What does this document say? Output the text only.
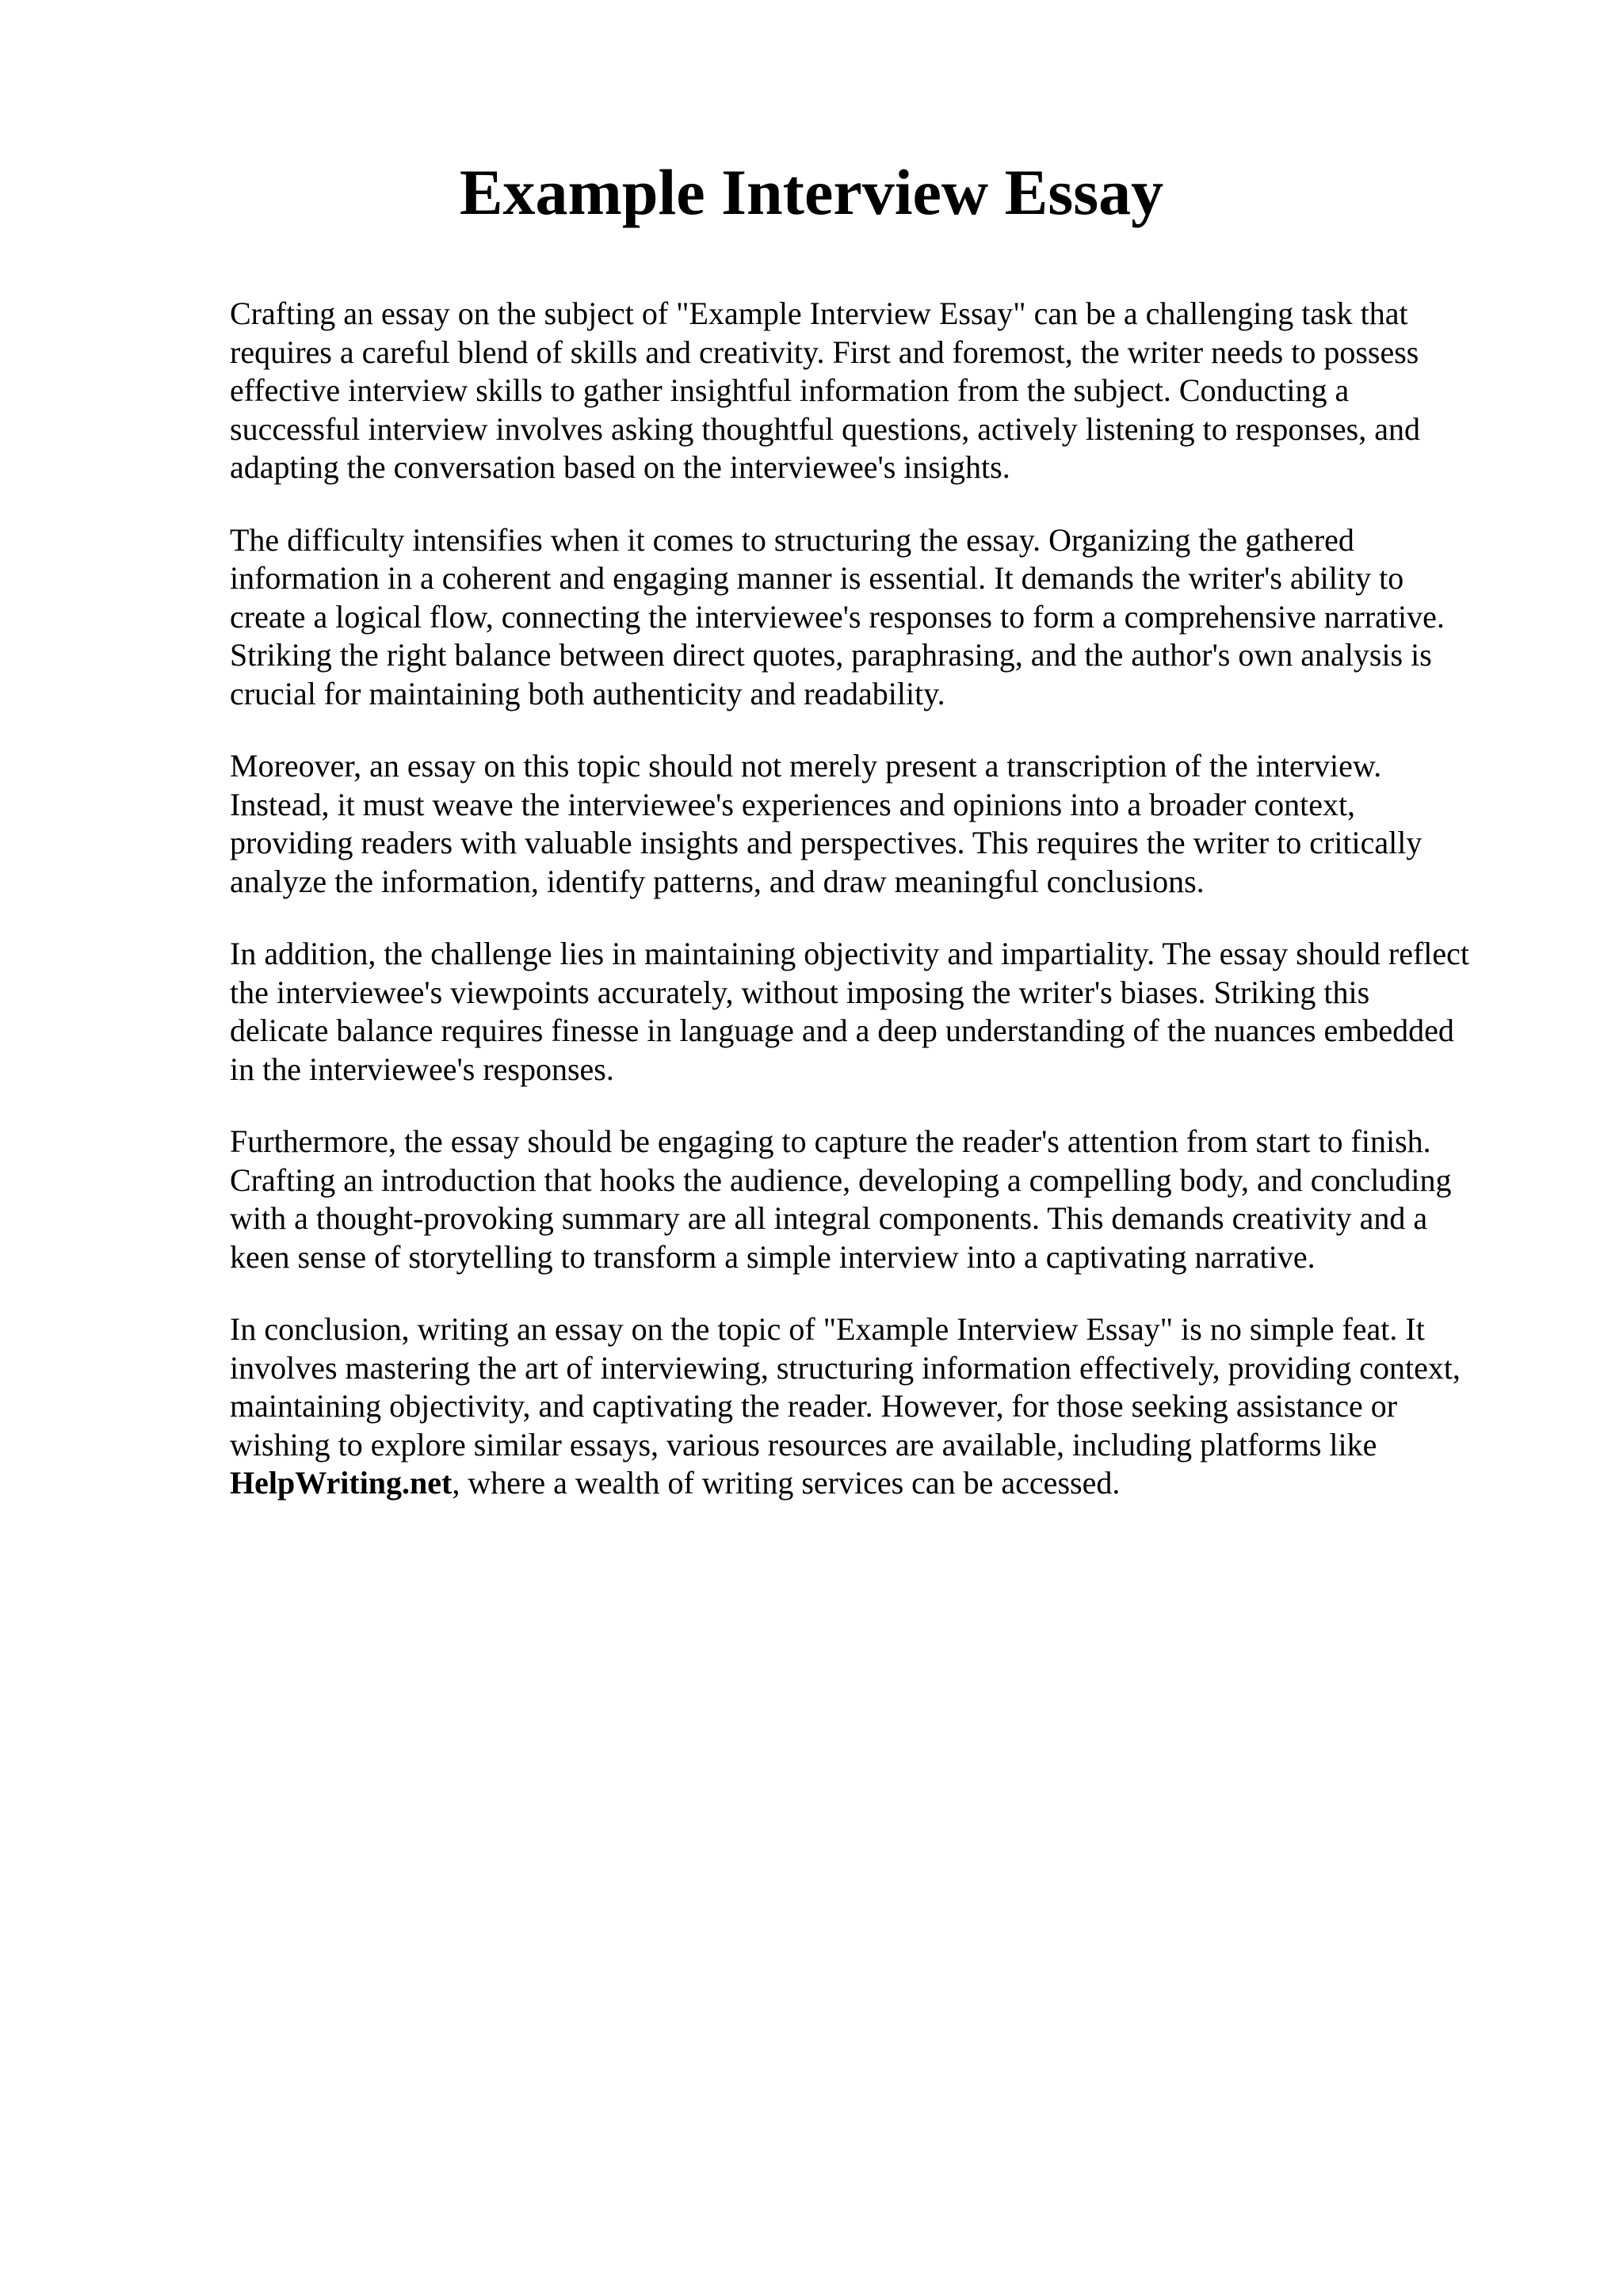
Example Interview Essay

Crafting an essay on the subject of "Example Interview Essay" can be a challenging task that
requires a careful blend of skills and creativity. First and foremost, the writer needs to possess
effective interview skills to gather insightful information from the subject. Conducting a
successful interview involves asking thoughtful questions, actively listening to responses, and
adapting the conversation based on the interviewee's insights.

The difficulty intensifies when it comes to structuring the essay. Organizing the gathered
information in a coherent and engaging manner is essential. It demands the writer's ability to
create a logical flow, connecting the interviewee's responses to form a comprehensive narrative.
Striking the right balance between direct quotes, paraphrasing, and the author's own analysis is
crucial for maintaining both authenticity and readability.

Moreover, an essay on this topic should not merely present a transcription of the interview.
Instead, it must weave the interviewee's experiences and opinions into a broader context,
providing readers with valuable insights and perspectives. This requires the writer to critically
analyze the information, identify patterns, and draw meaningful conclusions.

In addition, the challenge lies in maintaining objectivity and impartiality. The essay should reflect
the interviewee's viewpoints accurately, without imposing the writer's biases. Striking this
delicate balance requires finesse in language and a deep understanding of the nuances embedded
in the interviewee's responses.

Furthermore, the essay should be engaging to capture the reader's attention from start to finish.
Crafting an introduction that hooks the audience, developing a compelling body, and concluding
with a thought-provoking summary are all integral components. This demands creativity and a
keen sense of storytelling to transform a simple interview into a captivating narrative.

In conclusion, writing an essay on the topic of "Example Interview Essay" is no simple feat. It
involves mastering the art of interviewing, structuring information effectively, providing context,
maintaining objectivity, and captivating the reader. However, for those seeking assistance or
wishing to explore similar essays, various resources are available, including platforms like
HelpWriting.net, where a wealth of writing services can be accessed.
